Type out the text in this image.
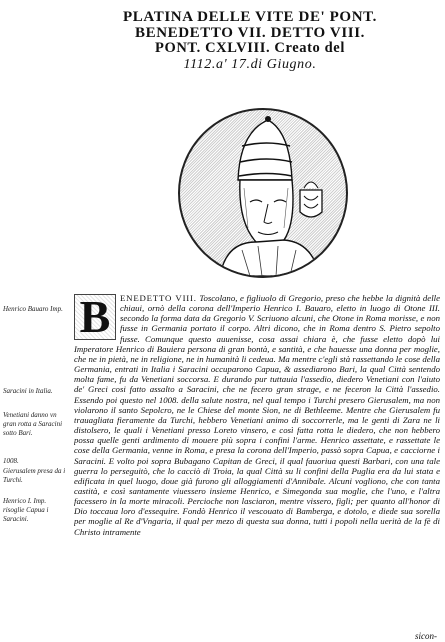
PLATINA DELLE VITE DE' PONT.
BENEDETTO VII. DETTO VIII.
PONT. CXLVIII. Creato del
1112.a' 17.di Giugno.
Henrico Bauaro Imp.
Saracini in Italia.
Venetiani danno vn gran rotta a Saracini sotto Bari.
1008.
Gierusalem presa da i Turchi.
Henrico I. Imp. risoglie Capua i Saracini.
B	ENEDETTO VIII. Toscolano, e figliuolo di Gregorio, preso che hebbe la dignità delle chiaui, ornò della corona dell'Imperio Henrico I. Bauaro, eletto in luogo di Otone III. secondo la forma data da Gregorio V. Scriuono alcuni, che Otone in Roma morisse, e non fusse in Germania portato il corpo. Altri dicono, che in Roma dentro S. Pietro sepolto fusse. Comunque questo auuenisse, cosa assai chiara è, che fusse eletto dopò lui Imperatore Henrico di Bauiera persona di gran bontà, e santità, e che hauesse una donna per moglie, che ne in pietà, ne in religione, ne in humanità li cedeua. Ma mentre c'egli stà rassettando le cose della Germania, entrati in Italia i Saracini occuparono Capua, & assediarono Bari, la qual Città sentendo molta fame, fu da Venetiani soccorsa. E durando pur tuttauia l'assedio, diedero Venetiani con l'aiuto de' Greci cosi fatto assalto a Saracini, che ne fecero gran strage, e ne feceron la Città l'assedio. Essendo poi questo nel 1008. della salute nostra, nel qual tempo i Turchi presero Gierusalem, ma non violarono il santo Sepolcro, ne le Chiese del monte Sion, ne di Bethleeme. Mentre che Gierusalem fu trauagliata fieramente da Turchi, hebbero Venetiani animo di soccorrerle, ma le genti di Zara ne li distolsero, le quali i Venetiani presso Loreto vinsero, e così fatta rotta le diedero, che non hebbero possa quelle genti ardimento di mouere più sopra i confini l'arme. Henrico assettate, e rassettate le cose della Germania, venne in Roma, e presa la corona dell'Imperio, passò sopra Capua, e cacciorne i Saracini. E volto poi sopra Bubagano Capitan de Greci, il qual fauoriua questi Barbari, con una tale guerra lo perseguitò, che lo cacciò di Troia, la qual Città su li confini della Puglia era da lui stata e edificata in quel luogo, doue già furono gli alloggiamenti d'Annibale. Alcuni vogliono, che con tanta castità, e così santamente viuessero insieme Henrico, e Simegonda sua moglie, che l'uno, e l'altra facessero in la morte miracoli. Percioche non lasciaron, mentre vissero, figli; per quanto all'honor di Dio toccaua loro d'essequire. Fondò Henrico il vescouato di Bamberga, e dotolo, e diede sua sorella per moglie al Re d'Vngaria, il qual per mezo di questa sua donna, tutti i popoli nella uerità de la fè di Christo intramente
sicon-
